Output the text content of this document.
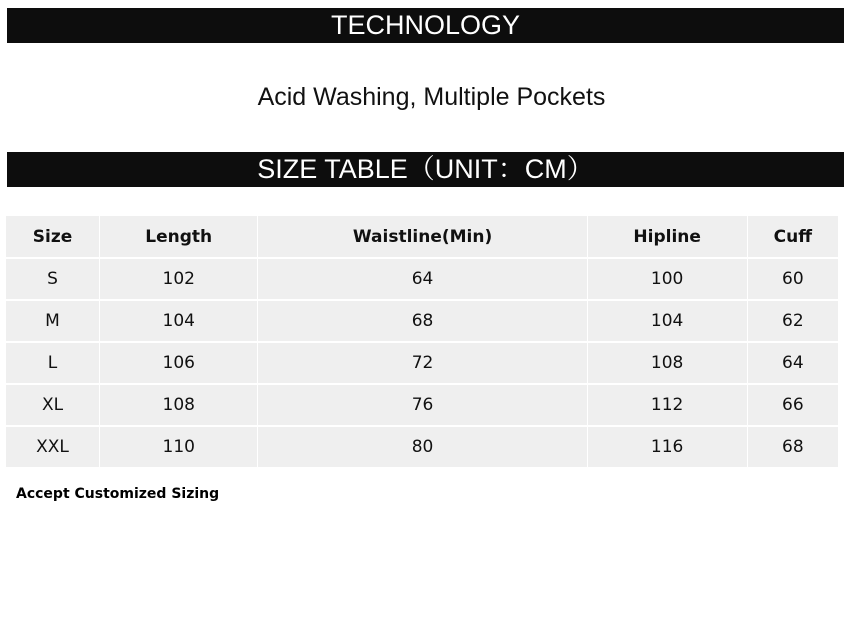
TECHNOLOGY
Acid Washing, Multiple Pockets
SIZE TABLE（UNIT：CM）
Size	Length	Waistline(Min)	Hipline	Cuff
S	102	64	100	60
M	104	68	104	62
L	106	72	108	64
XL	108	76	112	66
XXL	110	80	116	68
Accept Customized Sizing
